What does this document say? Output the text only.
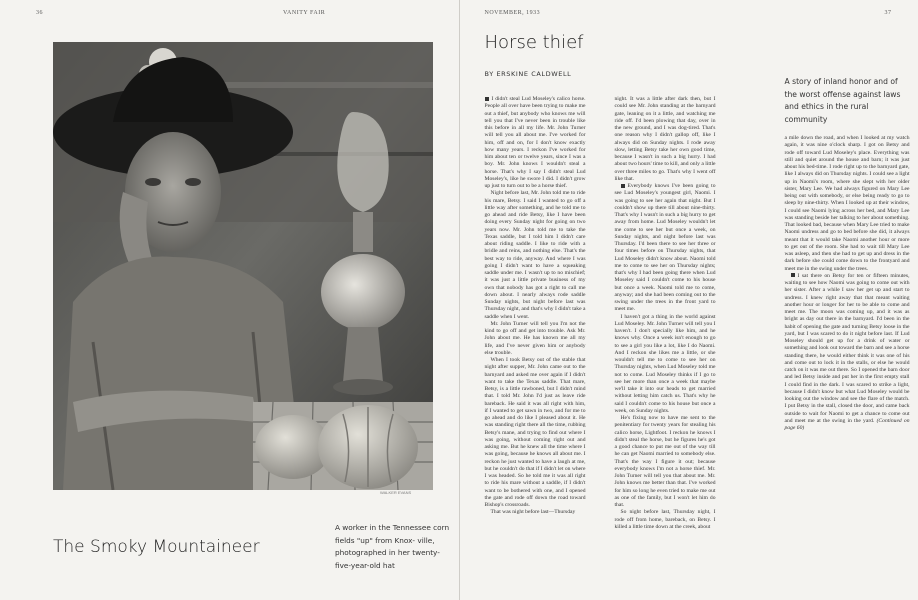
36	VANITY FAIR
WALKER EVANS
The Smoky Mountaineer
A worker in the Tennessee corn fields "up" from Knox- ville, photographed in her twenty-five-year-old hat
NOVEMBER, 1933	37
Horse thief
BY ERSKINE CALDWELL
A story of inland honor and of the worst offense against laws and ethics in the rural community

I didn't steal Lud Moseley's calico horse. People all over have been trying to make me out a thief, but anybody who knows me will tell you that I've never been in trouble like this before in all my life. Mr. John Turner will tell you all about me. I've worked for him, off and on, for I don't know exactly how many years. I reckon I've worked for him about ten or twelve years, since I was a boy. Mr. John knows I wouldn't steal a horse. That's why I say I didn't steal Lud Moseley's, like he swore I did. I didn't grow up just to turn out to be a horse thief.

Night before last, Mr. John told me to ride his mare, Betsy. I said I wanted to go off a little way after something, and he told me to go ahead and ride Betsy, like I have been doing every Sunday night for going on two years now. Mr. John told me to take the Texas saddle, but I told him I didn't care about riding saddle. I like to ride with a bridle and reins, and nothing else. That's the best way to ride, anyway. And where I was going I didn't want to have a squeaking saddle under me. I wasn't up to no mischief; it was just a little private business of my own that nobody has got a right to call me down about. I nearly always rode saddle Sunday nights, but night before last was Thursday night, and that's why I didn't take a saddle when I went.

Mr. John Turner will tell you I'm not the kind to go off and get into trouble. Ask Mr. John about me. He has known me all my life, and I've never given him or anybody else trouble.

When I took Betsy out of the stable that night after supper, Mr. John came out to the barnyard and asked me over again if I didn't want to take the Texas saddle. That mare, Betsy, is a little rawboned, but I didn't mind that. I told Mr. John I'd just as leave ride bareback. He said it was all right with him, if I wanted to get sawn in two, and for me to go ahead and do like I pleased about it. He was standing right there all the time, rubbing Betsy's mane, and trying to find out where I was going, without coming right out and asking me. But he knew all the time where I was going, because he knows all about me. I reckon he just wanted to have a laugh at me, but he couldn't do that if I didn't let on where I was headed. So he told me it was all right to ride his mare without a saddle, if I didn't want to be bothered with one, and I opened the gate and rode off down the road toward Bishop's crossroads.

That was night before last—Thursday

night. It was a little after dark then, but I could see Mr. John standing at the barnyard gate, leaning on it a little, and watching me ride off. I'd been plowing that day, over in the new ground, and I was dog-tired. That's one reason why I didn't gallop off, like I always did on Sunday nights. I rode away slow, letting Betsy take her own good time, because I wasn't in such a big hurry. I had about two hours' time to kill, and only a little over three miles to go. That's why I went off like that.

Everybody knows I've been going to see Lud Moseley's youngest girl, Naomi. I was going to see her again that night. But I couldn't show up there till about nine-thirty. That's why I wasn't in such a big hurry to get away from home. Lud Moseley wouldn't let me come to see her but once a week, on Sunday nights, and night before last was Thursday. I'd been there to see her three or four times before on Thursday nights, that Lud Moseley didn't know about. Naomi told me to come to see her on Thursday nights; that's why I had been going there when Lud Moseley said I couldn't come to his house but once a week. Naomi told me to come, anyway; and she had been coming out to the swing under the trees in the front yard to meet me.

I haven't got a thing in the world against Lud Moseley. Mr. John Turner will tell you I haven't. I don't specially like him, and he knows why. Once a week isn't enough to go to see a girl you like a lot, like I do Naomi. And I reckon she likes me a little, or she wouldn't tell me to come to see her on Thursday nights, when Lud Moseley told me not to come. Lud Moseley thinks if I go to see her more than once a week that maybe we'll take it into our heads to get married without letting him catch us. That's why he said I couldn't come to his house but once a week, on Sunday nights.

He's fixing now to have me sent to the penitentiary for twenty years for stealing his calico horse, Lightfoot. I reckon he knows I didn't steal the horse, but he figures he's got a good chance to put me out of the way till he can get Naomi married to somebody else. That's the way I figure it out; because everybody knows I'm not a horse thief. Mr. John Turner will tell you that about me. Mr. John knows me better than that. I've worked for him so long he even tried to make me out as one of the family, but I won't let him do that.

So night before last, Thursday night, I rode off from home, bareback, on Betsy. I killed a little time down at the creek, about

a mile down the road, and when I looked at my watch again, it was nine o'clock sharp. I got on Betsy and rode off toward Lud Moseley's place. Everything was still and quiet around the house and barn; it was just about his bed-time. I rode right up to the barnyard gate, like I always did on Thursday nights. I could see a light up in Naomi's room, where she slept with her older sister, Mary Lee. We had always figured on Mary Lee being out with somebody, or else being ready to go to sleep by nine-thirty. When I looked up at their window, I could see Naomi lying across her bed, and Mary Lee was standing beside her talking to her about something. That looked bad, because when Mary Lee tried to make Naomi undress and go to bed before she did, it always meant that it would take Naomi another hour or more to get out of the room. She had to wait till Mary Lee was asleep, and then she had to get up and dress in the dark before she could come down to the frontyard and meet me in the swing under the trees.

I sat there on Betsy for ten or fifteen minutes, waiting to see how Naomi was going to come out with her sister. After a while I saw her get up and start to undress. I knew right away that that meant waiting another hour or longer for her to be able to come and meet me. The moon was coming up, and it was as bright as day out there in the barnyard. I'd been in the habit of opening the gate and turning Betsy loose in the yard, but I was scared to do it night before last. If Lud Moseley should get up for a drink of water or something and look out toward the barn and see a horse standing there, he would either think it was one of his and come out to lock it in the stalls, or else he would catch on it was me out there. So I opened the barn door and led Betsy inside and put her in the first empty stall I could find in the dark. I was scared to strike a light, because I didn't know but what Lud Moseley would be looking out the window and see the flare of the match. I put Betsy in the stall, closed the door, and came back outside to wait for Naomi to get a chance to come out and meet me at the swing in the yard. (Continued on page 60)
